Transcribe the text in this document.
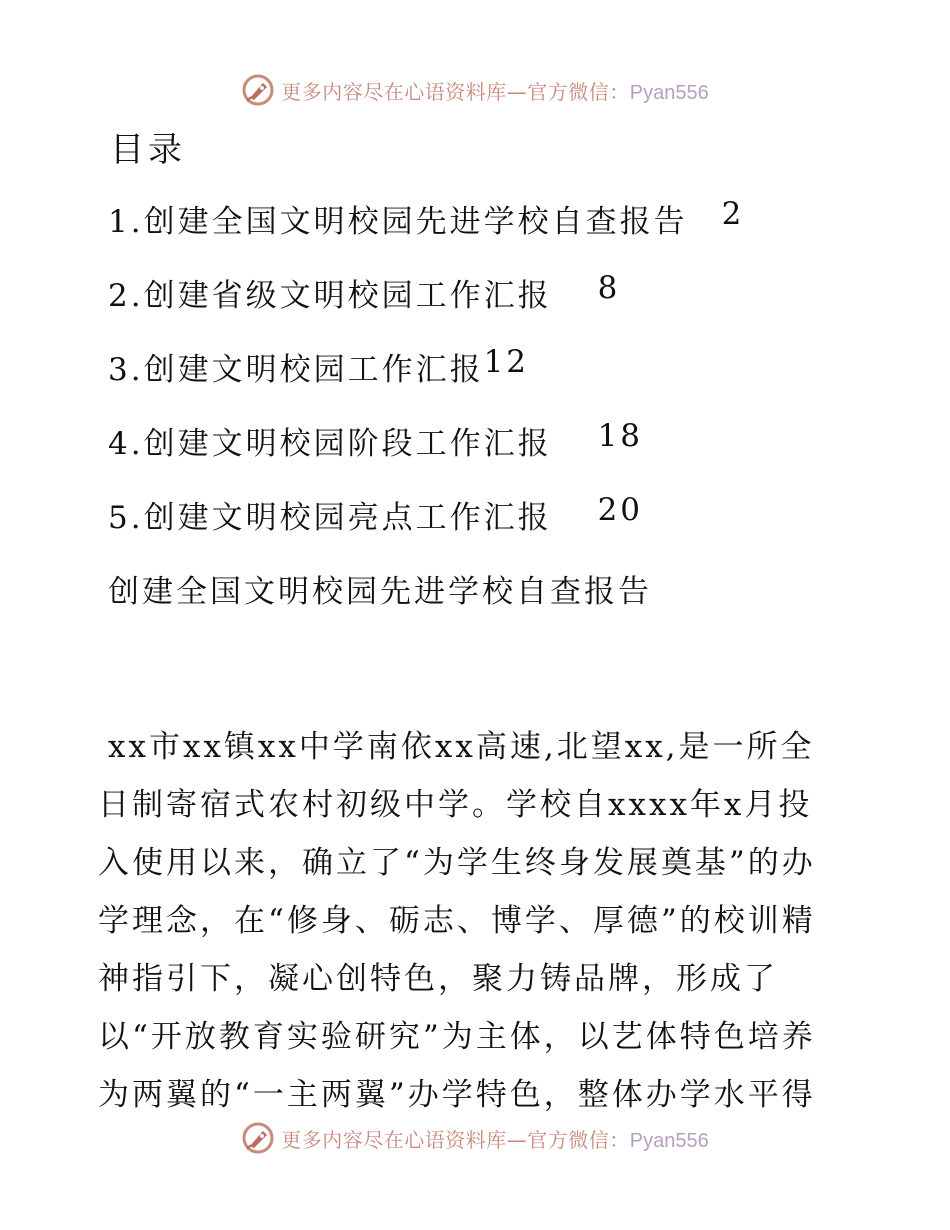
更多内容尽在心语资料库—官方微信：Pyan556
目录
1.创建全国文明校园先进学校自查报告 2
2.创建省级文明校园工作汇报 8
3.创建文明校园工作汇报 12
4.创建文明校园阶段工作汇报 18
5.创建文明校园亮点工作汇报 20
创建全国文明校园先进学校自查报告
xx市xx镇xx中学南依xx高速,北望xx,是一所全
日制寄宿式农村初级中学。学校自xxxx年x月投
入使用以来，确立了“为学生终身发展奠基”的办
学理念，在“修身、砺志、博学、厚德”的校训精
神指引下，凝心创特色，聚力铸品牌，形成了
以“开放教育实验研究”为主体，以艺体特色培养
为两翼的“一主两翼”办学特色，整体办学水平得
更多内容尽在心语资料库—官方微信：Pyan556
